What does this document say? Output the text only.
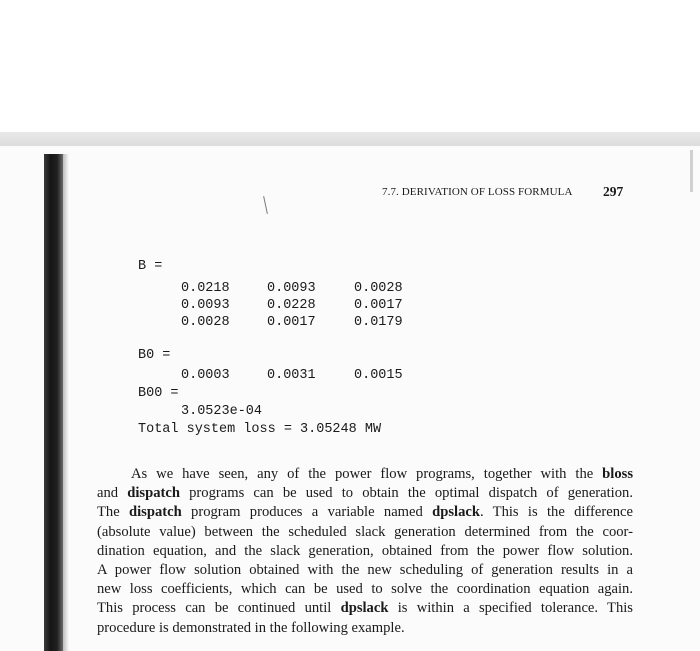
7.7. DERIVATION OF LOSS FORMULA 297
B =
0.0218	0.0093	0.0028
0.0093	0.0228	0.0017
0.0028	0.0017	0.0179
B0 =
0.0003	0.0031	0.0015
B00 =
3.0523e-04
Total system loss = 3.05248 MW
As we have seen, any of the power flow programs, together with the bloss
and dispatch programs can be used to obtain the optimal dispatch of generation.
The dispatch program produces a variable named dpslack. This is the difference
(absolute value) between the scheduled slack generation determined from the coor-
dination equation, and the slack generation, obtained from the power flow solution.
A power flow solution obtained with the new scheduling of generation results in a
new loss coefficients, which can be used to solve the coordination equation again.
This process can be continued until dpslack is within a specified tolerance. This
procedure is demonstrated in the following example.
